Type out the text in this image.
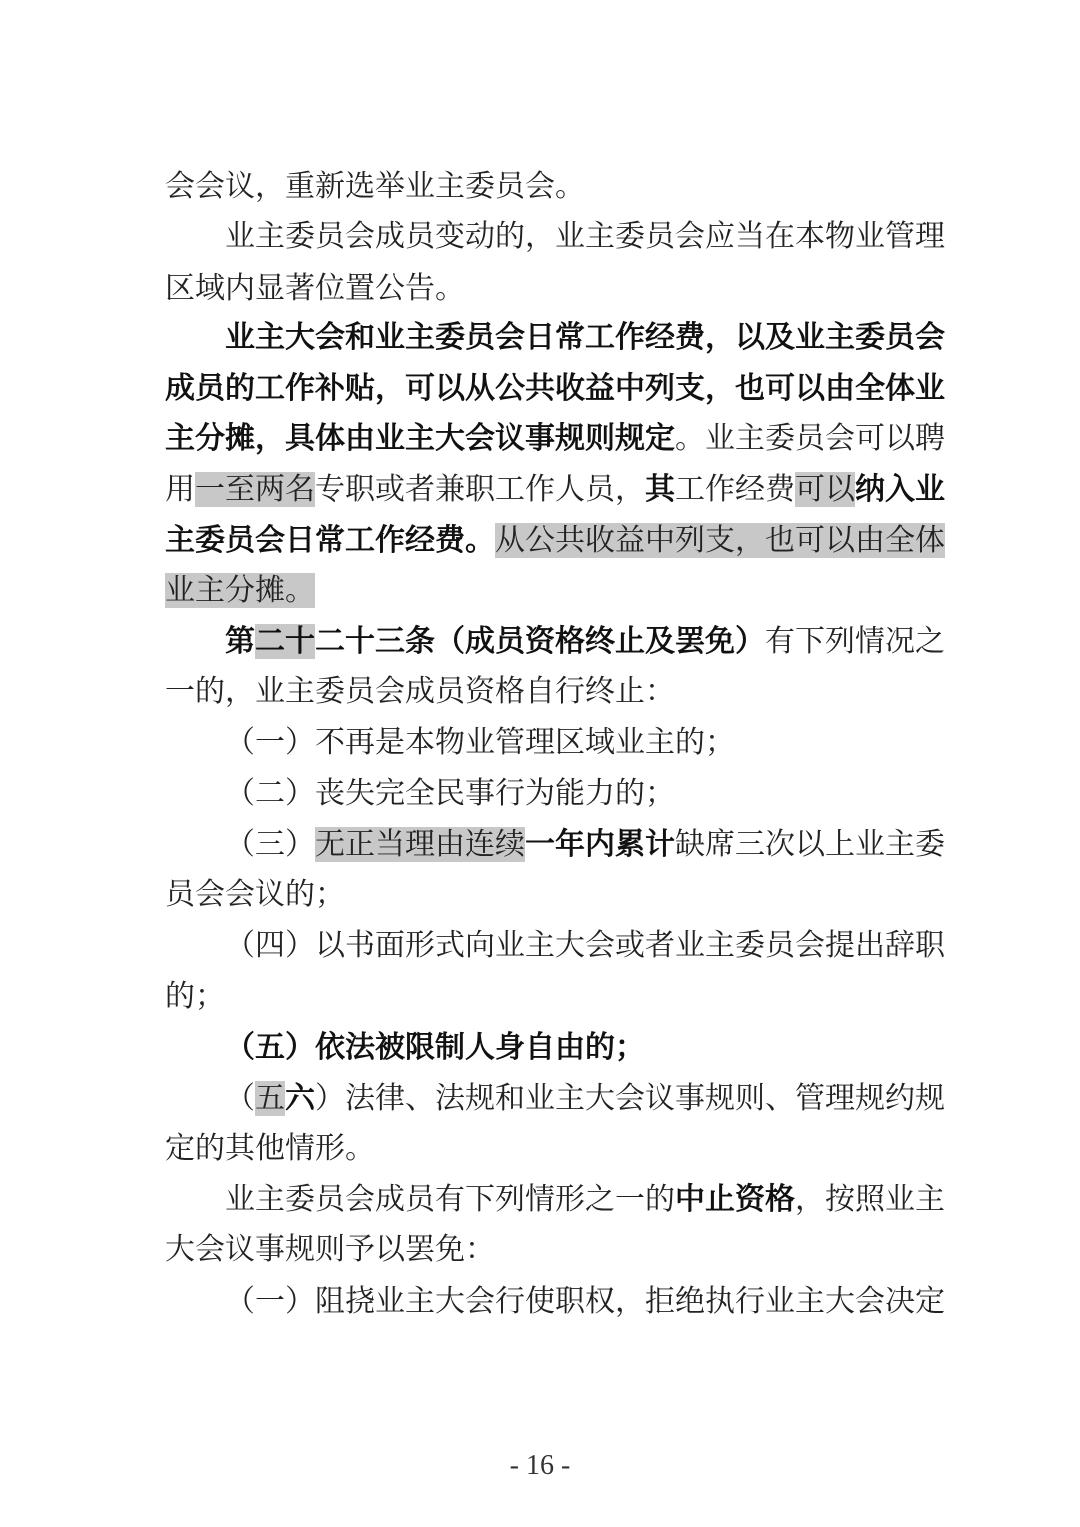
会会议，重新选举业主委员会。
业主委员会成员变动的，业主委员会应当在本物业管理
区域内显著位置公告。
业主大会和业主委员会日常工作经费，以及业主委员会
成员的工作补贴，可以从公共收益中列支，也可以由全体业
主分摊，具体由业主大会议事规则规定。业主委员会可以聘
用一至两名专职或者兼职工作人员，其工作经费可以纳入业
主委员会日常工作经费。从公共收益中列支，也可以由全体
业主分摊。
第二十二十三条（成员资格终止及罢免）有下列情况之
一的，业主委员会成员资格自行终止：
（一）不再是本物业管理区域业主的；
（二）丧失完全民事行为能力的；
（三）无正当理由连续一年内累计缺席三次以上业主委
员会会议的；
（四）以书面形式向业主大会或者业主委员会提出辞职
的；
（五）依法被限制人身自由的；
（五六）法律、法规和业主大会议事规则、管理规约规
定的其他情形。
业主委员会成员有下列情形之一的中止资格，按照业主
大会议事规则予以罢免：
（一）阻挠业主大会行使职权，拒绝执行业主大会决定
- 16 -
